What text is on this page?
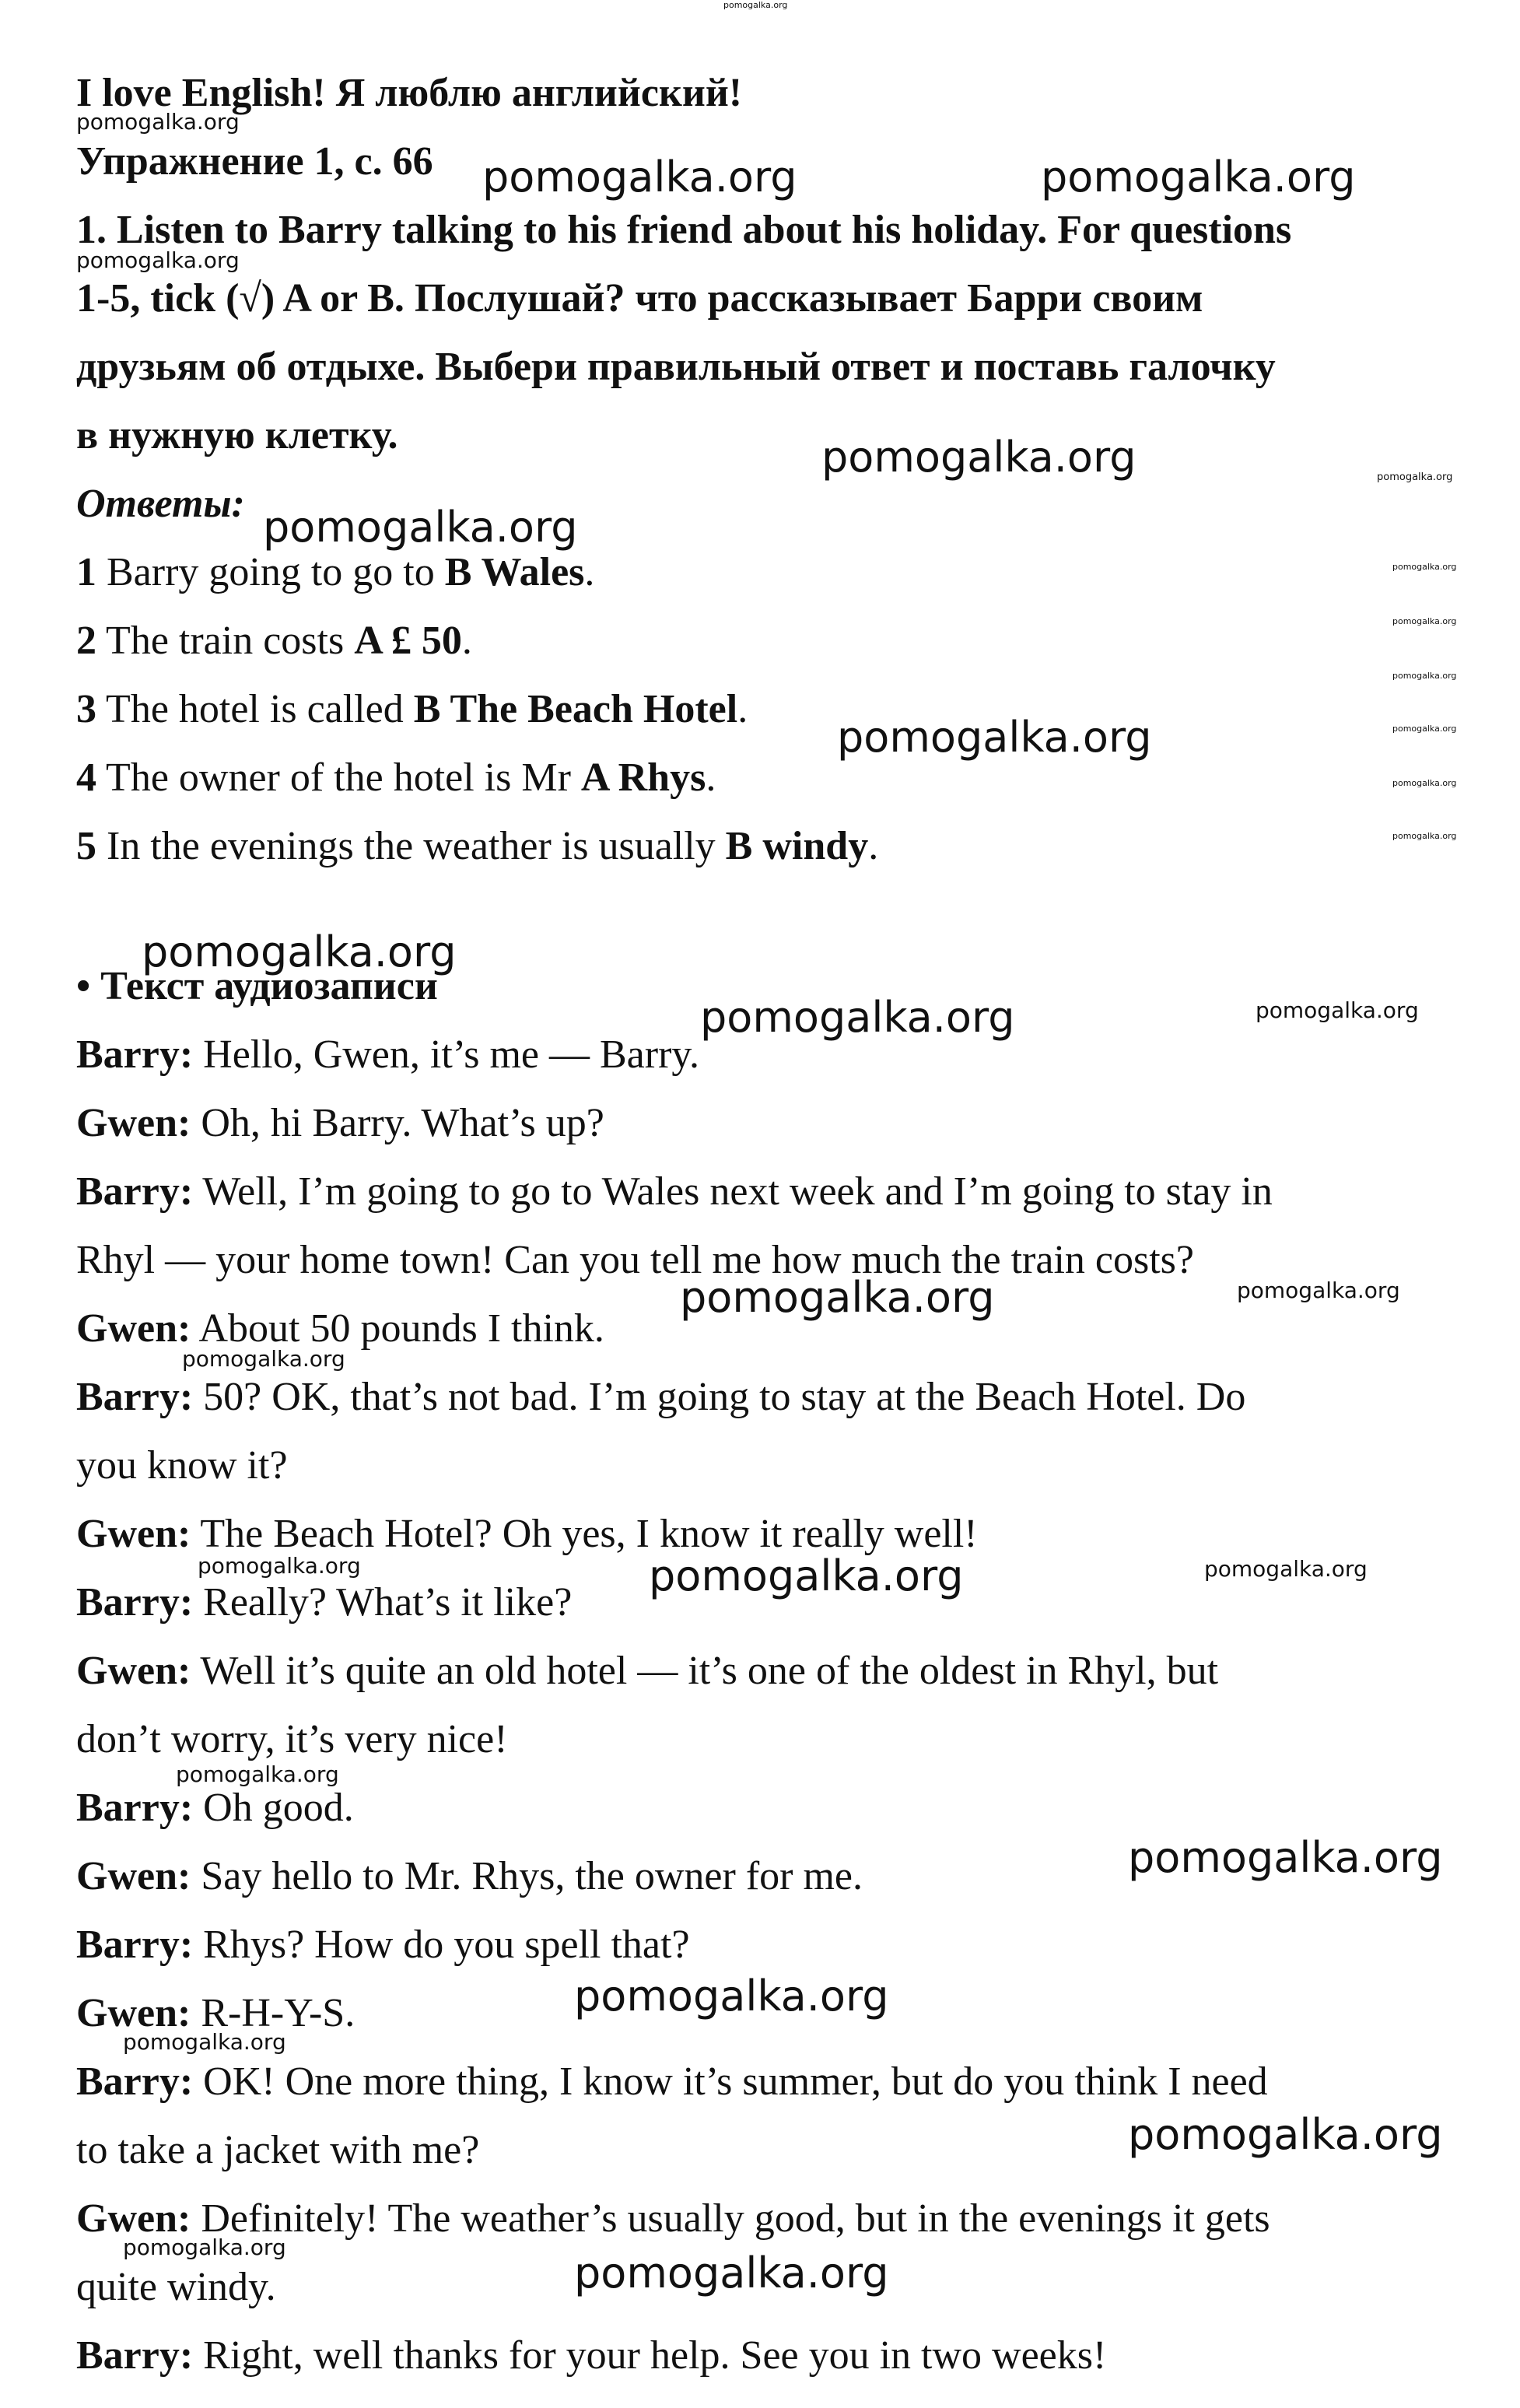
I love English! Я люблю английский!
Упражнение 1, с. 66
1. Listen to Barry talking to his friend about his holiday. For questions
1-5, tick (√) A or B. Послушай? что рассказывает Барри своим
друзьям об отдыхе. Выбери правильный ответ и поставь галочку
в нужную клетку.
Ответы:
1 Barry going to go to B Wales.
2 The train costs A £ 50.
3 The hotel is called B The Beach Hotel.
4 The owner of the hotel is Mr A Rhys.
5 In the evenings the weather is usually B windy.
• Текст аудиозаписи
Barry: Hello, Gwen, it’s me — Barry.
Gwen: Oh, hi Barry. What’s up?
Barry: Well, I’m going to go to Wales next week and I’m going to stay in
Rhyl — your home town! Can you tell me how much the train costs?
Gwen: About 50 pounds I think.
Barry: 50? OK, that’s not bad. I’m going to stay at the Beach Hotel. Do
you know it?
Gwen: The Beach Hotel? Oh yes, I know it really well!
Barry: Really? What’s it like?
Gwen: Well it’s quite an old hotel — it’s one of the oldest in Rhyl, but
don’t worry, it’s very nice!
Barry: Oh good.
Gwen: Say hello to Mr. Rhys, the owner for me.
Barry: Rhys? How do you spell that?
Gwen: R-H-Y-S.
Barry: OK! One more thing, I know it’s summer, but do you think I need
to take a jacket with me?
Gwen: Definitely! The weather’s usually good, but in the evenings it gets
quite windy.
Barry: Right, well thanks for your help. See you in two weeks!
pomogalka.org
pomogalka.org
pomogalka.org	pomogalka.org
pomogalka.org
pomogalka.org	pomogalka.org
pomogalka.org
pomogalka.org
pomogalka.org
pomogalka.org
pomogalka.org	pomogalka.org
pomogalka.org
pomogalka.org
pomogalka.org
pomogalka.org	pomogalka.org
pomogalka.org	pomogalka.org
pomogalka.org
pomogalka.org	pomogalka.org	pomogalka.org
pomogalka.org
pomogalka.org
pomogalka.org
pomogalka.org
pomogalka.org
pomogalka.org
pomogalka.org
